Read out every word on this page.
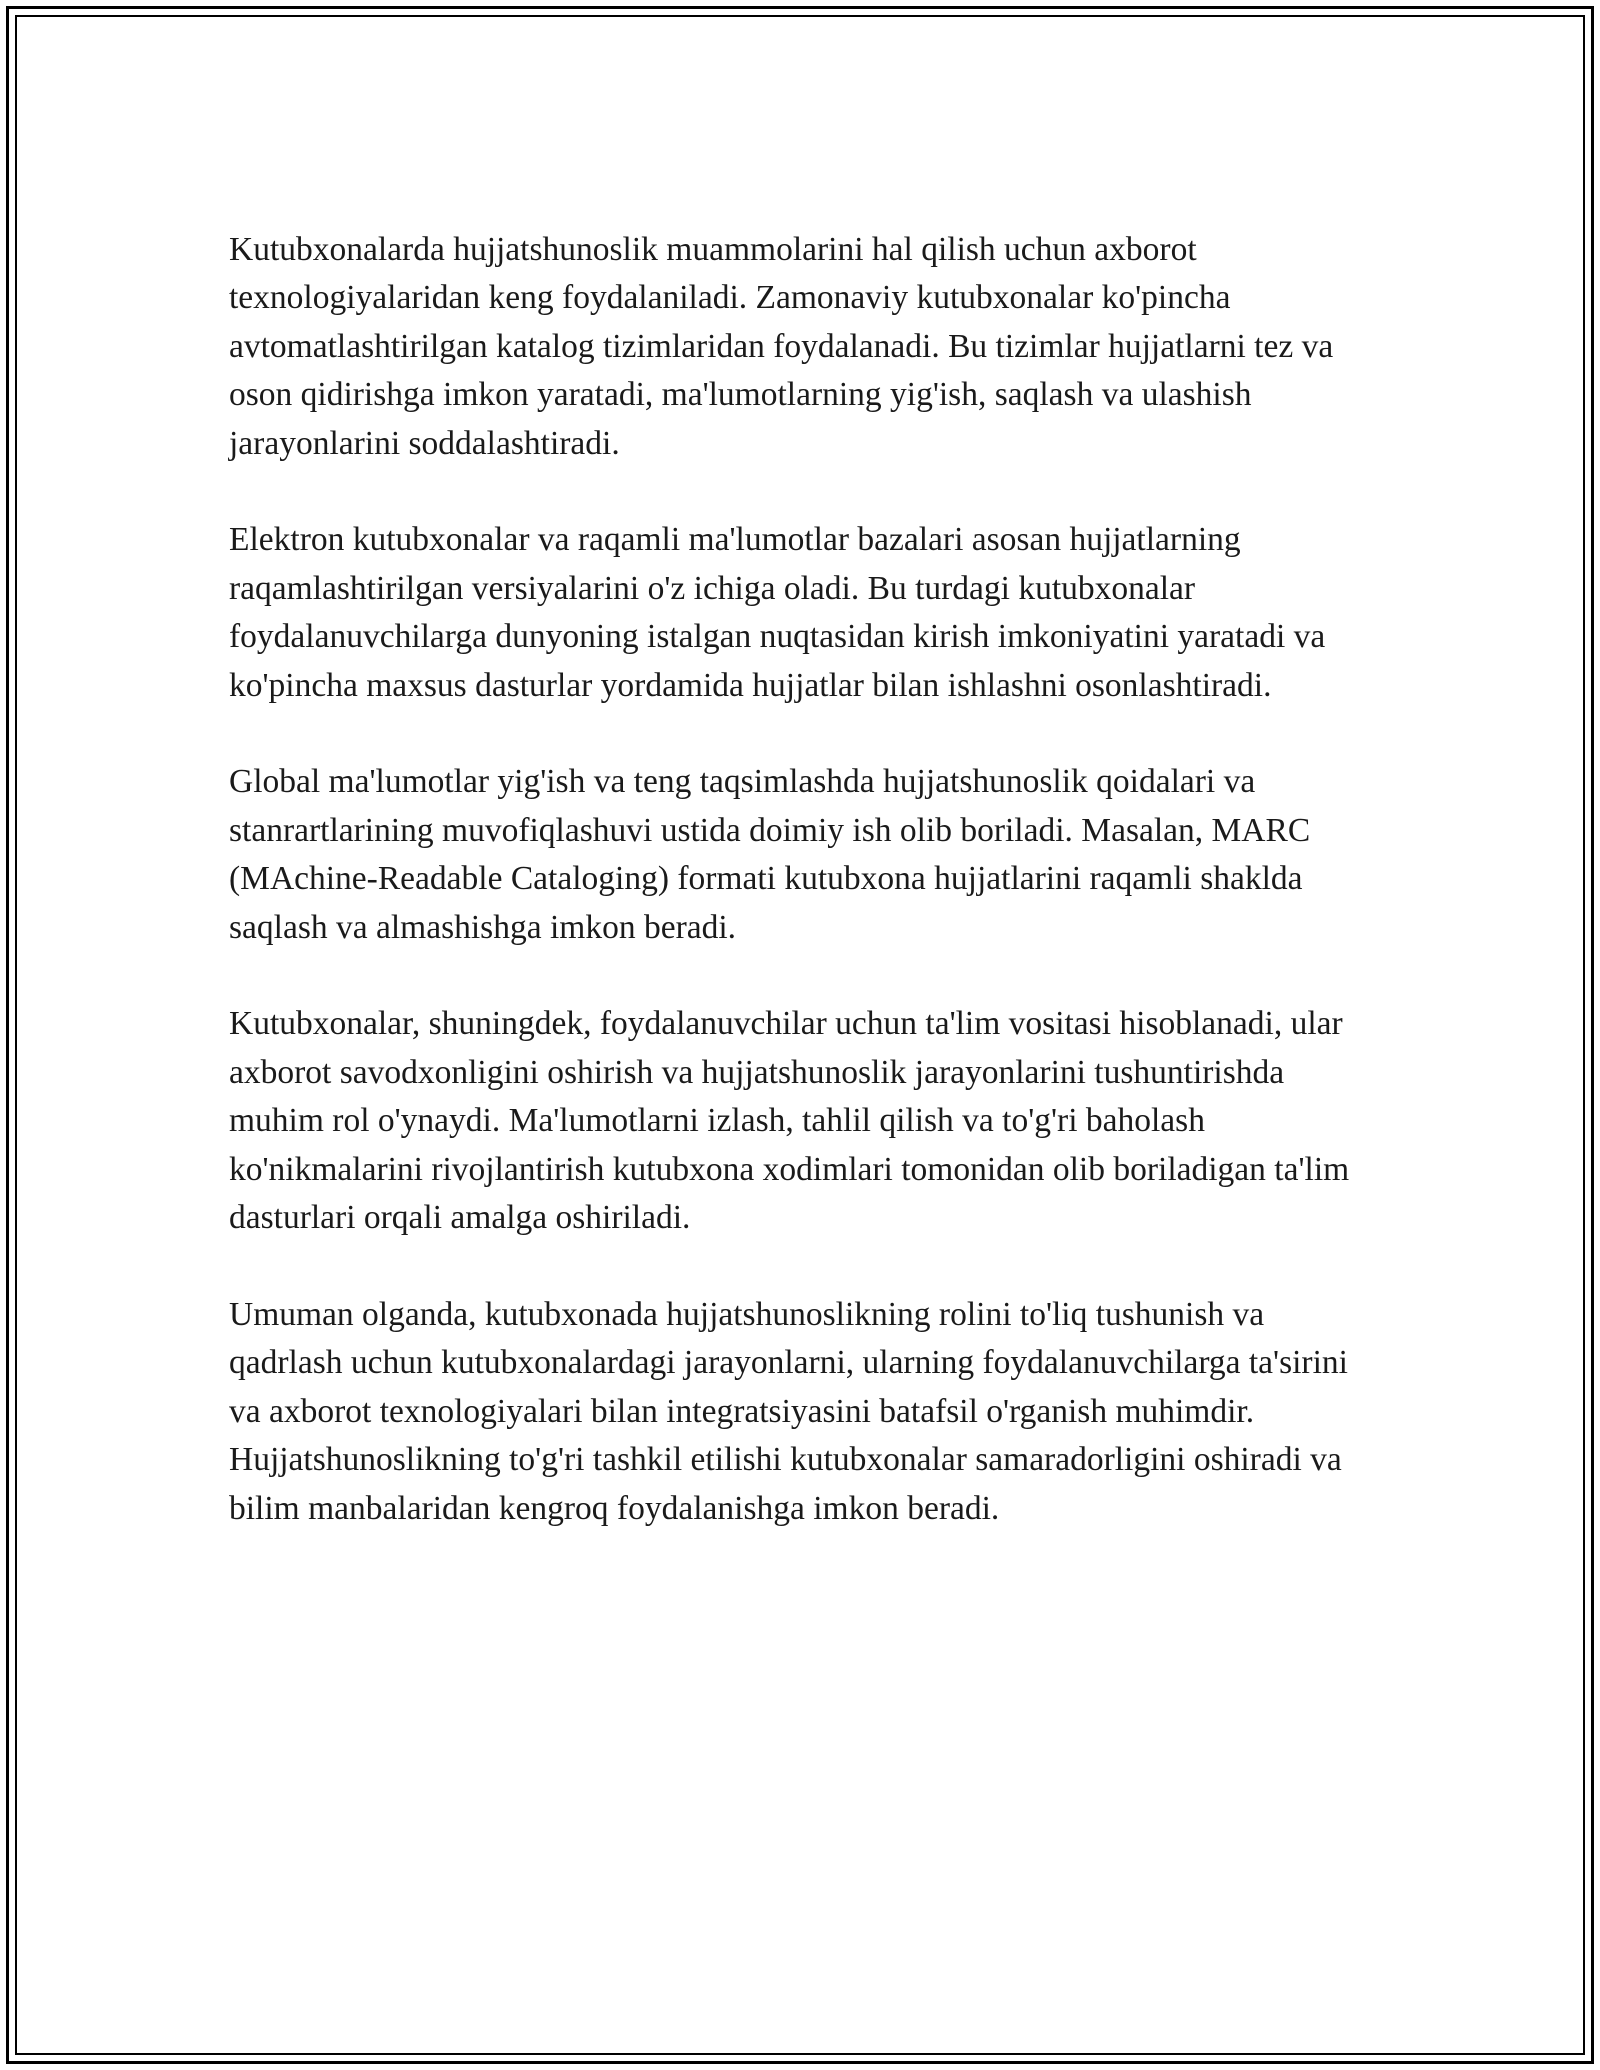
Kutubxonalarda hujjatshunoslik muammolarini hal qilish uchun axborot texnologiyalaridan keng foydalaniladi. Zamonaviy kutubxonalar ko'pincha avtomatlashtirilgan katalog tizimlaridan foydalanadi. Bu tizimlar hujjatlarni tez va oson qidirishga imkon yaratadi, ma'lumotlarning yig'ish, saqlash va ulashish jarayonlarini soddalashtiradi.

Elektron kutubxonalar va raqamli ma'lumotlar bazalari asosan hujjatlarning raqamlashtirilgan versiyalarini o'z ichiga oladi. Bu turdagi kutubxonalar foydalanuvchilarga dunyoning istalgan nuqtasidan kirish imkoniyatini yaratadi va ko'pincha maxsus dasturlar yordamida hujjatlar bilan ishlashni osonlashtiradi.

Global ma'lumotlar yig'ish va teng taqsimlashda hujjatshunoslik qoidalari va stanrartlarining muvofiqlashuvi ustida doimiy ish olib boriladi. Masalan, MARC (MAchine-Readable Cataloging) formati kutubxona hujjatlarini raqamli shaklda saqlash va almashishga imkon beradi.

Kutubxonalar, shuningdek, foydalanuvchilar uchun ta'lim vositasi hisoblanadi, ular axborot savodxonligini oshirish va hujjatshunoslik jarayonlarini tushuntirishda muhim rol o'ynaydi. Ma'lumotlarni izlash, tahlil qilish va to'g'ri baholash ko'nikmalarini rivojlantirish kutubxona xodimlari tomonidan olib boriladigan ta'lim dasturlari orqali amalga oshiriladi.

Umuman olganda, kutubxonada hujjatshunoslikning rolini to'liq tushunish va qadrlash uchun kutubxonalardagi jarayonlarni, ularning foydalanuvchilarga ta'sirini va axborot texnologiyalari bilan integratsiyasini batafsil o'rganish muhimdir. Hujjatshunoslikning to'g'ri tashkil etilishi kutubxonalar samaradorligini oshiradi va bilim manbalaridan kengroq foydalanishga imkon beradi.
